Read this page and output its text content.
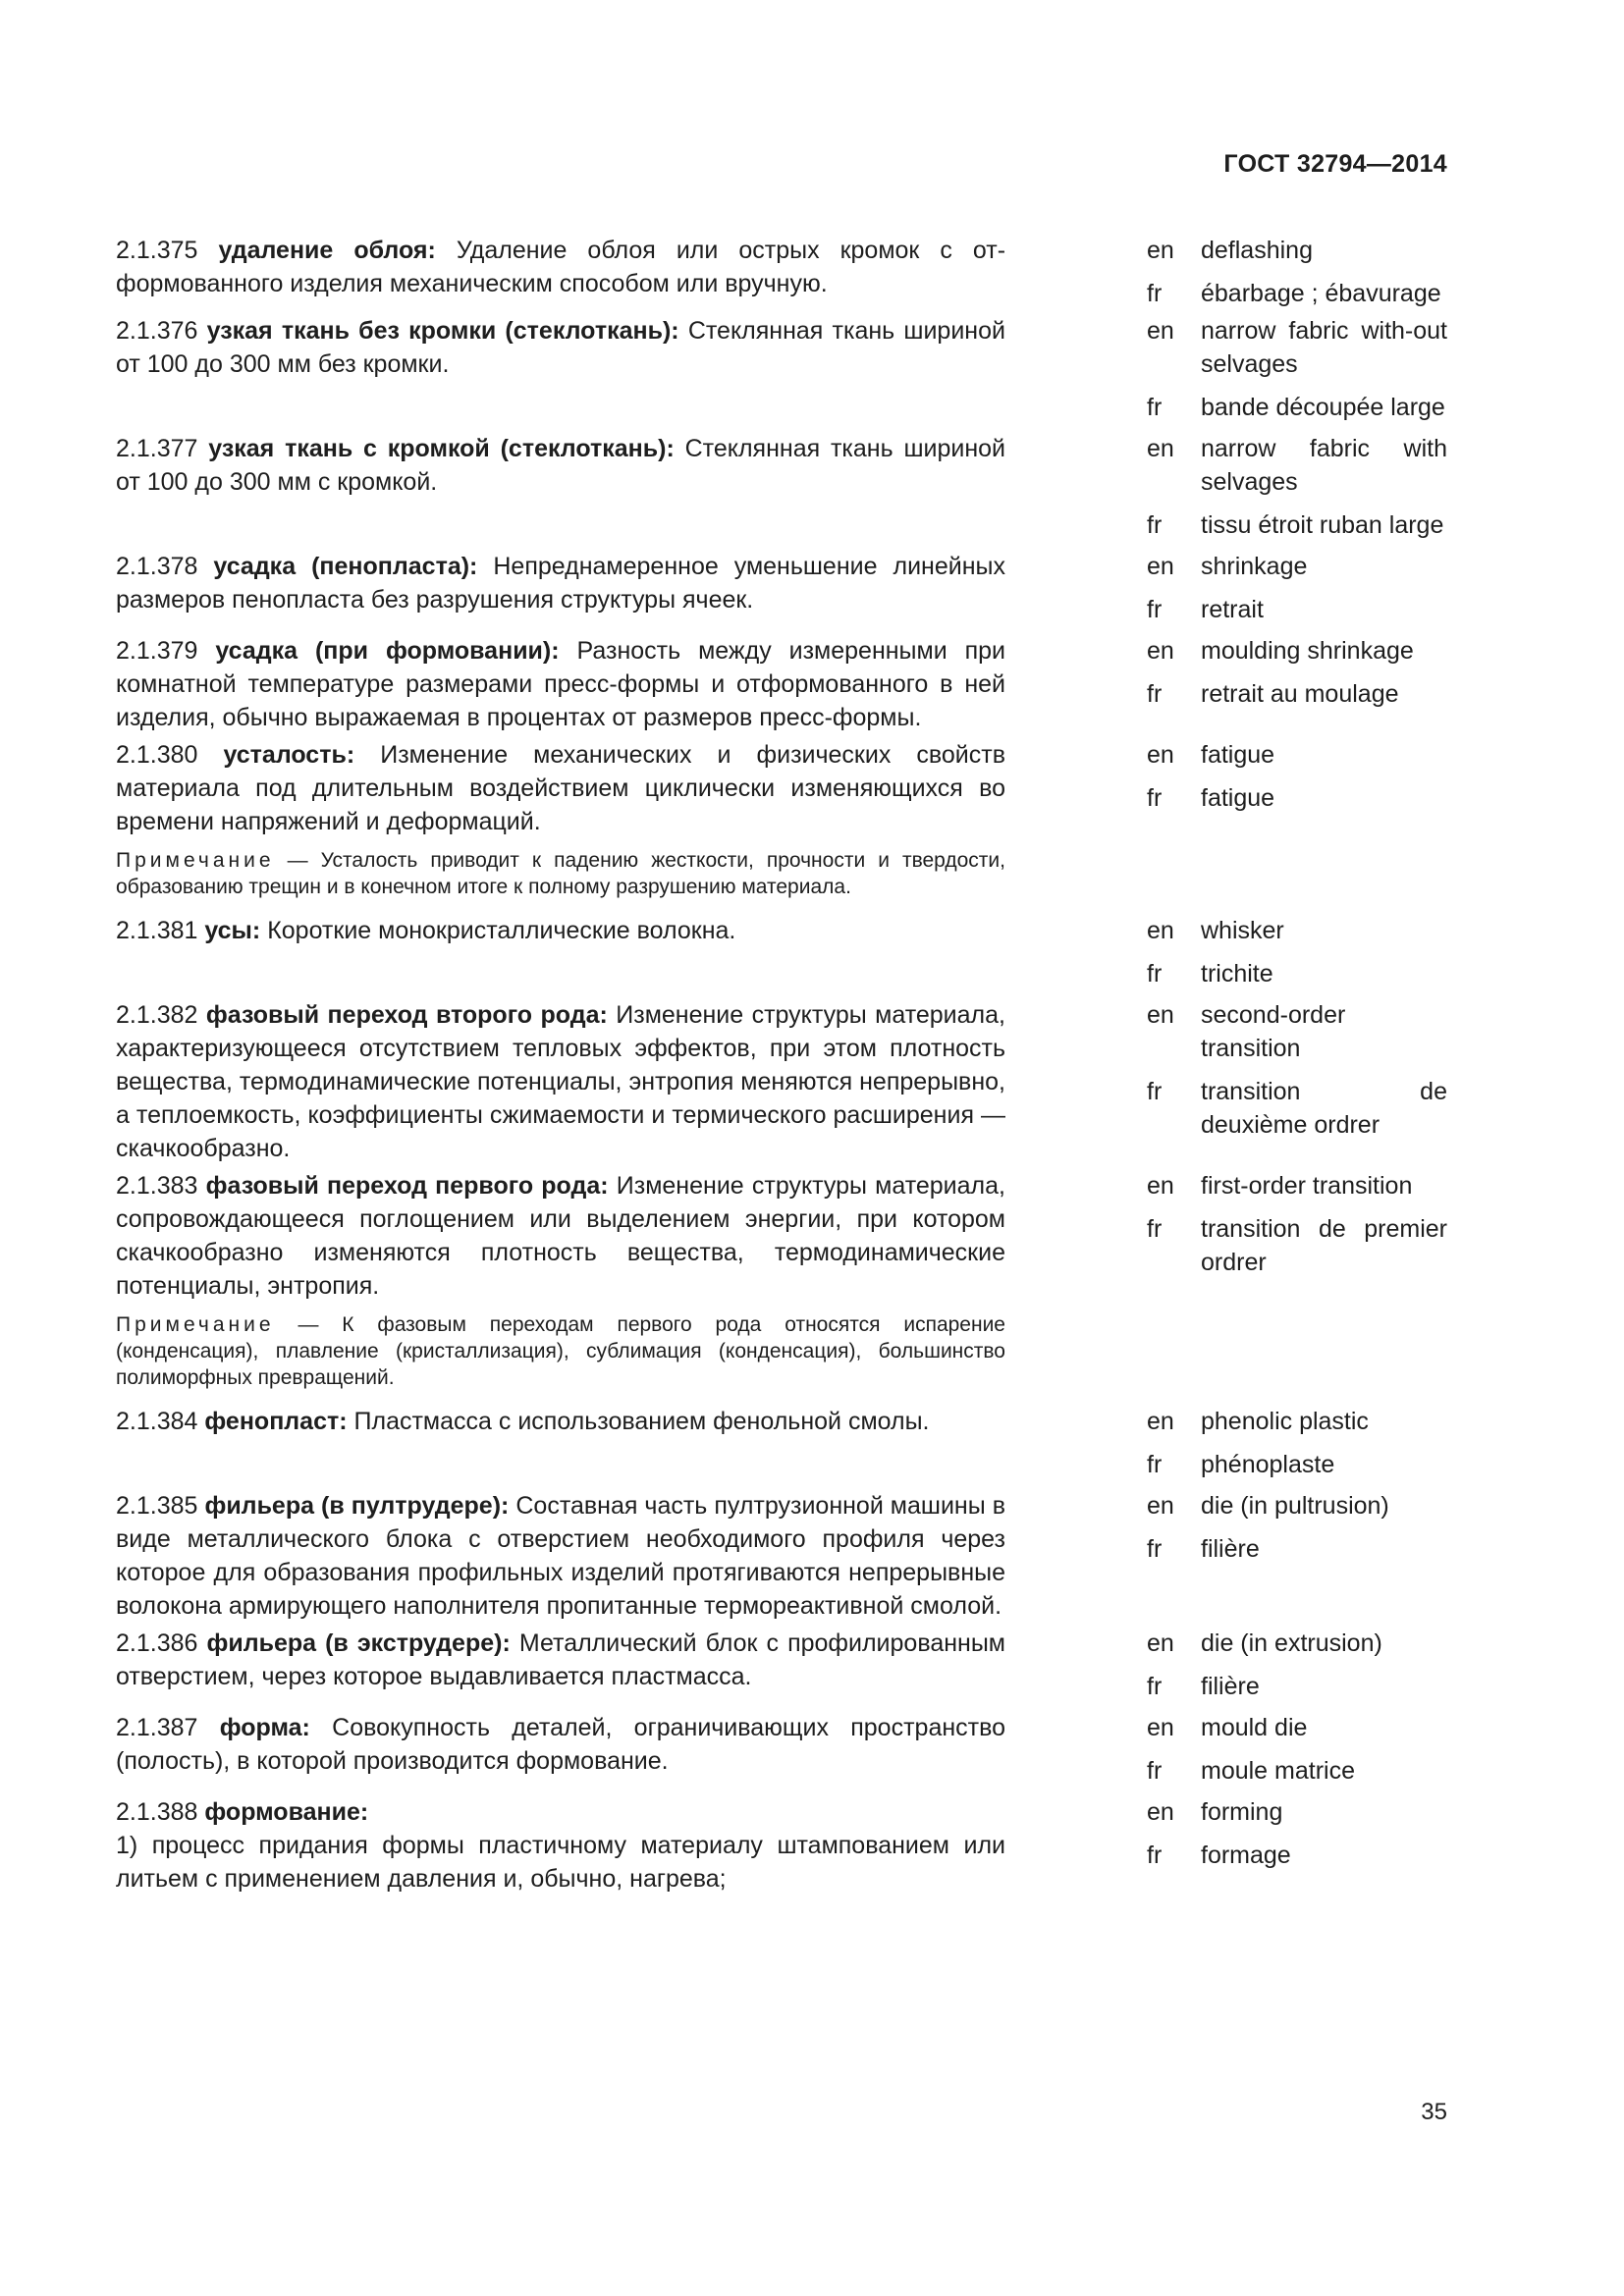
ГОСТ 32794—2014

2.1.375 удаление облоя: Удаление облоя или острых кромок с отформованного изделия механическим способом или вручную.

en	deflashing
fr	ébarbage ; ébavurage

2.1.376 узкая ткань без кромки (стеклоткань): Стеклянная ткань шириной от 100 до 300 мм без кромки.

en	narrow fabric with-out selvages
fr	bande découpée large

2.1.377 узкая ткань с кромкой (стеклоткань): Стеклянная ткань шириной от 100 до 300 мм с кромкой.

en	narrow fabric with selvages
fr	tissu étroit ruban large

2.1.378 усадка (пенопласта): Непреднамеренное уменьшение линейных размеров пенопласта без разрушения структуры ячеек.

en	shrinkage
fr	retrait

2.1.379 усадка (при формовании): Разность между измеренными при комнатной температуре размерами пресс-формы и отформованного в ней изделия, обычно выражаемая в процентах от размеров пресс-формы.

en	moulding shrinkage
fr	retrait au moulage

2.1.380 усталость: Изменение механических и физических свойств материала под длительным воздействием циклически изменяющихся во времени напряжений и деформаций.

Примечание — Усталость приводит к падению жесткости, прочности и твердости, образованию трещин и в конечном итоге к полному разрушению материала.

en	fatigue
fr	fatigue

2.1.381 усы: Короткие монокристаллические волокна.	en	whisker
fr	trichite

2.1.382 фазовый переход второго рода: Изменение структуры материала, характеризующееся отсутствием тепловых эффектов, при этом плотность вещества, термодинамические потенциалы, энтропия меняются непрерывно, а теплоемкость, коэффициенты сжимаемости и термического расширения — скачкообразно.

en	second-order transition
fr	transition de deuxième ordrer

2.1.383 фазовый переход первого рода: Изменение структуры материала, сопровождающееся поглощением или выделением энергии, при котором скачкообразно изменяются плотность вещества, термодинамические потенциалы, энтропия.

Примечание — К фазовым переходам первого рода относятся испарение (конденсация), плавление (кристаллизация), сублимация (конденсация), большинство полиморфных превращений.

en	first-order transition
fr	transition de premier ordrer

2.1.384 фенопласт: Пластмасса с использованием фенольной смолы.	en	phenolic plastic
fr	phénoplaste

2.1.385 фильера (в пултрудере): Составная часть пултрузионной машины в виде металлического блока с отверстием необходимого профиля через которое для образования профильных изделий протягиваются непрерывные волокона армирующего наполнителя пропитанные термореактивной смолой.

en	die (in pultrusion)
fr	filière

2.1.386 фильера (в экструдере): Металлический блок с профилированным отверстием, через которое выдавливается пластмасса.

en	die (in extrusion)
fr	filière

2.1.387 форма: Совокупность деталей, ограничивающих пространство (полость), в которой производится формование.

en	mould die
fr	moule matrice

2.1.388 формование:

1) процесс придания формы пластичному материалу штампованием или литьем с применением давления и, обычно, нагрева;

en	forming
fr	formage
35
